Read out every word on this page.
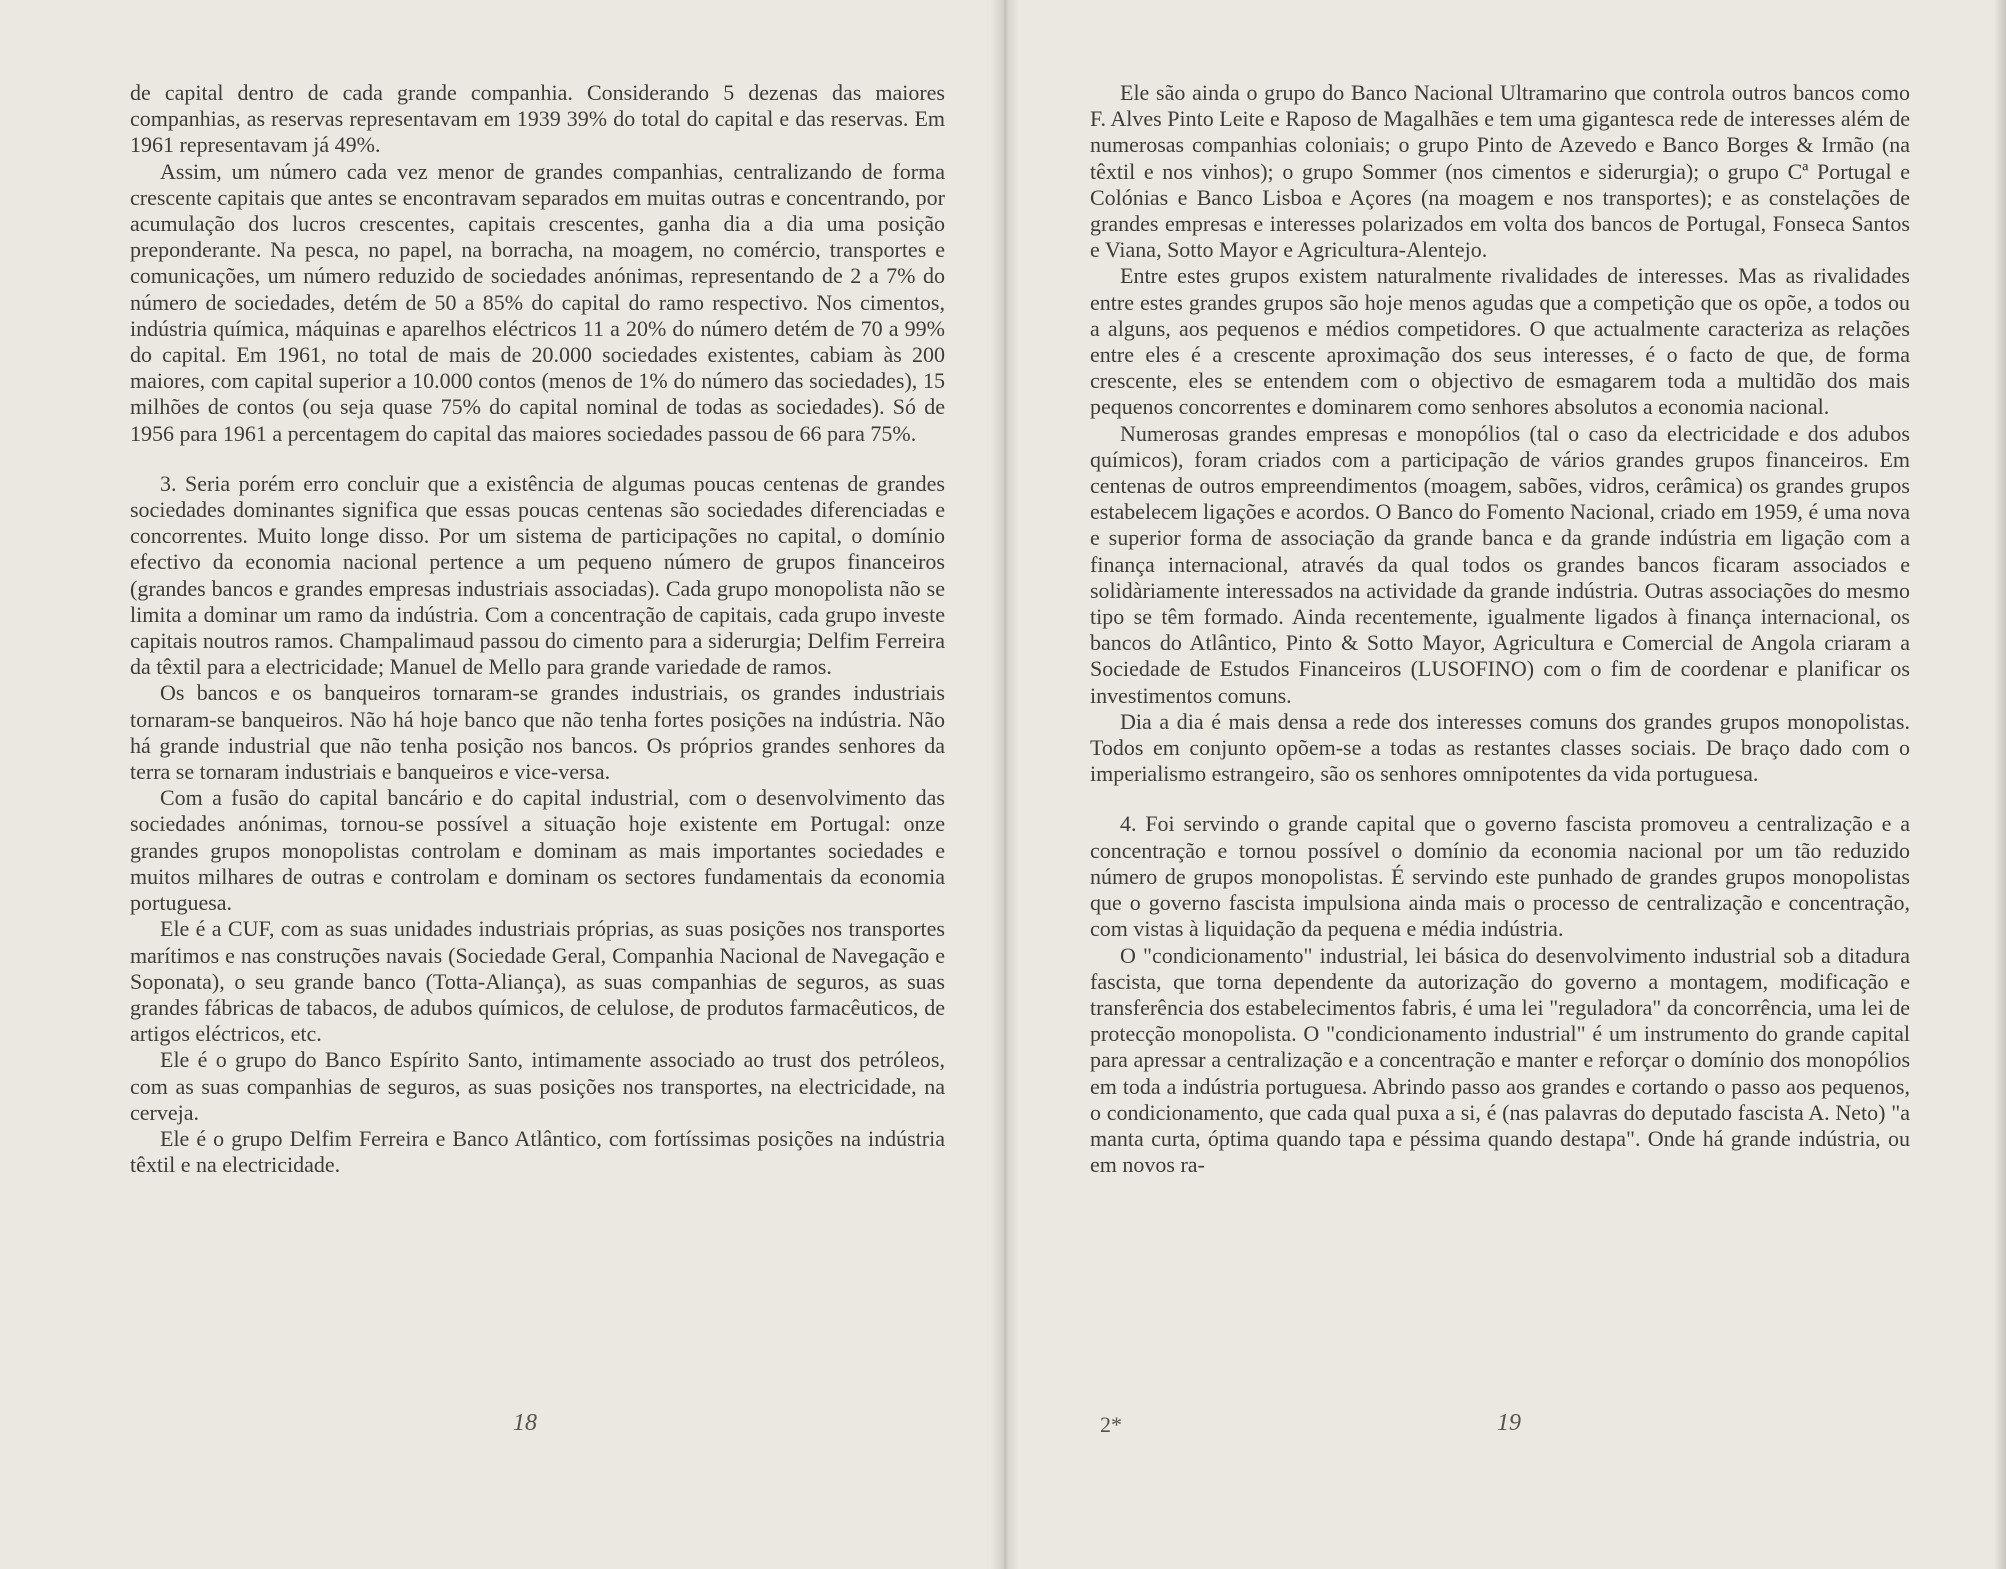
de capital dentro de cada grande companhia. Considerando 5 dezenas das maiores companhias, as reservas representavam em 1939 39% do total do capital e das reservas. Em 1961 representavam já 49%.

Assim, um número cada vez menor de grandes companhias, centralizando de forma crescente capitais que antes se encontravam separados em muitas outras e concentrando, por acumulação dos lucros crescentes, capitais crescentes, ganha dia a dia uma posição preponderante. Na pesca, no papel, na borracha, na moagem, no comércio, transportes e comunicações, um número reduzido de sociedades anónimas, representando de 2 a 7% do número de sociedades, detém de 50 a 85% do capital do ramo respectivo. Nos cimentos, indústria química, máquinas e aparelhos eléctricos 11 a 20% do número detém de 70 a 99% do capital. Em 1961, no total de mais de 20.000 sociedades existentes, cabiam às 200 maiores, com capital superior a 10.000 contos (menos de 1% do número das sociedades), 15 milhões de contos (ou seja quase 75% do capital nominal de todas as sociedades). Só de 1956 para 1961 a percentagem do capital das maiores sociedades passou de 66 para 75%.

3. Seria porém erro concluir que a existência de algumas poucas centenas de grandes sociedades dominantes significa que essas poucas centenas são sociedades diferenciadas e concorrentes. Muito longe disso. Por um sistema de participações no capital, o domínio efectivo da economia nacional pertence a um pequeno número de grupos financeiros (grandes bancos e grandes empresas industriais associadas). Cada grupo monopolista não se limita a dominar um ramo da indústria. Com a concentração de capitais, cada grupo investe capitais noutros ramos. Champalimaud passou do cimento para a siderurgia; Delfim Ferreira da têxtil para a electricidade; Manuel de Mello para grande variedade de ramos.

Os bancos e os banqueiros tornaram-se grandes industriais, os grandes industriais tornaram-se banqueiros. Não há hoje banco que não tenha fortes posições na indústria. Não há grande industrial que não tenha posição nos bancos. Os próprios grandes senhores da terra se tornaram industriais e banqueiros e vice-versa.

Com a fusão do capital bancário e do capital industrial, com o desenvolvimento das sociedades anónimas, tornou-se possível a situação hoje existente em Portugal: onze grandes grupos monopolistas controlam e dominam as mais importantes sociedades e muitos milhares de outras e controlam e dominam os sectores fundamentais da economia portuguesa.

Ele é a CUF, com as suas unidades industriais próprias, as suas posições nos transportes marítimos e nas construções navais (Sociedade Geral, Companhia Nacional de Navegação e Soponata), o seu grande banco (Totta-Aliança), as suas companhias de seguros, as suas grandes fábricas de tabacos, de adubos químicos, de celulose, de produtos farmacêuticos, de artigos eléctricos, etc.

Ele é o grupo do Banco Espírito Santo, intimamente associado ao trust dos petróleos, com as suas companhias de seguros, as suas posições nos transportes, na electricidade, na cerveja.

Ele é o grupo Delfim Ferreira e Banco Atlântico, com fortíssimas posições na indústria têxtil e na electricidade.

18

Ele são ainda o grupo do Banco Nacional Ultramarino que controla outros bancos como F. Alves Pinto Leite e Raposo de Magalhães e tem uma gigantesca rede de interesses além de numerosas companhias coloniais; o grupo Pinto de Azevedo e Banco Borges & Irmão (na têxtil e nos vinhos); o grupo Sommer (nos cimentos e siderurgia); o grupo Cª Portugal e Colónias e Banco Lisboa e Açores (na moagem e nos transportes); e as constelações de grandes empresas e interesses polarizados em volta dos bancos de Portugal, Fonseca Santos e Viana, Sotto Mayor e Agricultura-Alentejo.

Entre estes grupos existem naturalmente rivalidades de interesses. Mas as rivalidades entre estes grandes grupos são hoje menos agudas que a competição que os opõe, a todos ou a alguns, aos pequenos e médios competidores. O que actualmente caracteriza as relações entre eles é a crescente aproximação dos seus interesses, é o facto de que, de forma crescente, eles se entendem com o objectivo de esmagarem toda a multidão dos mais pequenos concorrentes e dominarem como senhores absolutos a economia nacional.

Numerosas grandes empresas e monopólios (tal o caso da electricidade e dos adubos químicos), foram criados com a participação de vários grandes grupos financeiros. Em centenas de outros empreendimentos (moagem, sabões, vidros, cerâmica) os grandes grupos estabelecem ligações e acordos. O Banco do Fomento Nacional, criado em 1959, é uma nova e superior forma de associação da grande banca e da grande indústria em ligação com a finança internacional, através da qual todos os grandes bancos ficaram associados e solidàriamente interessados na actividade da grande indústria. Outras associações do mesmo tipo se têm formado. Ainda recentemente, igualmente ligados à finança internacional, os bancos do Atlântico, Pinto & Sotto Mayor, Agricultura e Comercial de Angola criaram a Sociedade de Estudos Financeiros (LUSOFINO) com o fim de coordenar e planificar os investimentos comuns.

Dia a dia é mais densa a rede dos interesses comuns dos grandes grupos monopolistas. Todos em conjunto opõem-se a todas as restantes classes sociais. De braço dado com o imperialismo estrangeiro, são os senhores omnipotentes da vida portuguesa.

4. Foi servindo o grande capital que o governo fascista promoveu a centralização e a concentração e tornou possível o domínio da economia nacional por um tão reduzido número de grupos monopolistas. É servindo este punhado de grandes grupos monopolistas que o governo fascista impulsiona ainda mais o processo de centralização e concentração, com vistas à liquidação da pequena e média indústria.

O "condicionamento" industrial, lei básica do desenvolvimento industrial sob a ditadura fascista, que torna dependente da autorização do governo a montagem, modificação e transferência dos estabelecimentos fabris, é uma lei "reguladora" da concorrência, uma lei de protecção monopolista. O "condicionamento industrial" é um instrumento do grande capital para apressar a centralização e a concentração e manter e reforçar o domínio dos monopólios em toda a indústria portuguesa. Abrindo passo aos grandes e cortando o passo aos pequenos, o condicionamento, que cada qual puxa a si, é (nas palavras do deputado fascista A. Neto) "a manta curta, óptima quando tapa e péssima quando destapa". Onde há grande indústria, ou em novos ra-

2*	19
